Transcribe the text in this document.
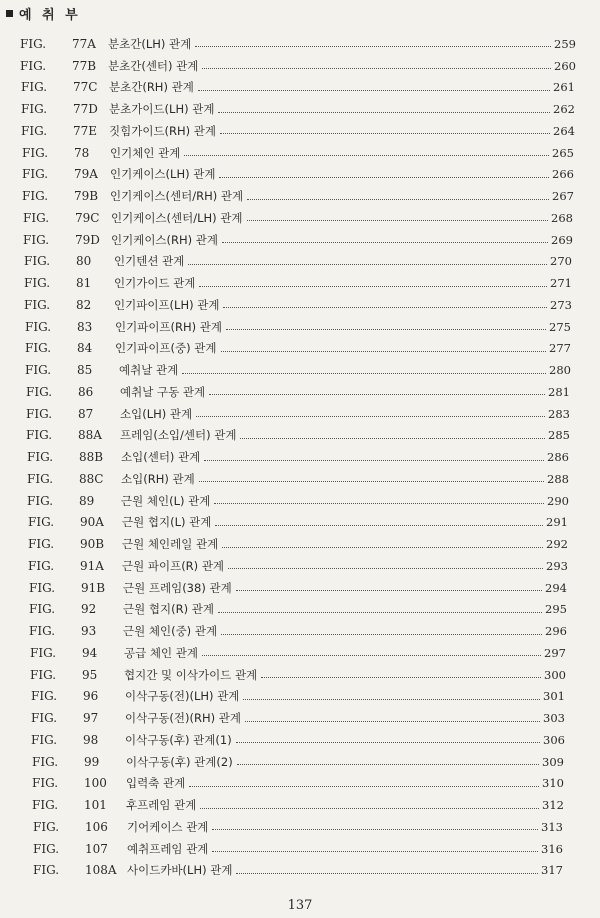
예 취 부
FIG.	77A	분초간(LH) 관계	259
FIG.	77B	분초간(센터) 관계	260
FIG.	77C	분초간(RH) 관계	261
FIG.	77D 분초가이드(LH) 관계	262
FIG.	77E	짓힘가이드(RH) 관계	264
FIG.	78	인기체인 관계	265
FIG.	79A	인기케이스(LH) 관계	266
FIG.	79B	인기케이스(센터/RH) 관계	267
FIG.	79C	인기케이스(센터/LH) 관계	268
FIG.	79D 인기케이스(RH) 관계	269
FIG.	80	인기텐션 관계	270
FIG.	81	인기가이드 관계	271
FIG.	82	인기파이프(LH) 관계	273
FIG.	83	인기파이프(RH) 관계	275
FIG.	84	인기파이프(중) 관계	277
FIG.	85	예취날 관계	280
FIG.	86	예취날 구동 관계	281
FIG.	87	소입(LH) 관계	283
FIG.	88A	프레임(소입/센터) 관계	285
FIG.	88B	소입(센터) 관계	286
FIG.	88C	소입(RH) 관계	288
FIG.	89	근원 체인(L) 관계	290
FIG.	90A	근원 협지(L) 관계	291
FIG.	90B	근원 체인레일 관계	292
FIG.	91A	근원 파이프(R) 관계	293
FIG.	91B	근원 프레임(38) 관계	294
FIG.	92	근원 협지(R) 관계	295
FIG.	93	근원 체인(중) 관계	296
FIG.	94	공급 체인 관계	297
FIG.	95	협지간 및 이삭가이드 관계	300
FIG.	96	이삭구동(전)(LH) 관계	301
FIG.	97	이삭구동(전)(RH) 관계	303
FIG.	98	이삭구동(후) 관계(1)	306
FIG.	99	이삭구동(후) 관계(2)	309
FIG.	100	입력축 관계	310
FIG.	101	후프레임 관계	312
FIG.	106	기어케이스 관계	313
FIG.	107	예취프레임 관계	316
FIG.	108A 사이드카바(LH) 관계	317
137
